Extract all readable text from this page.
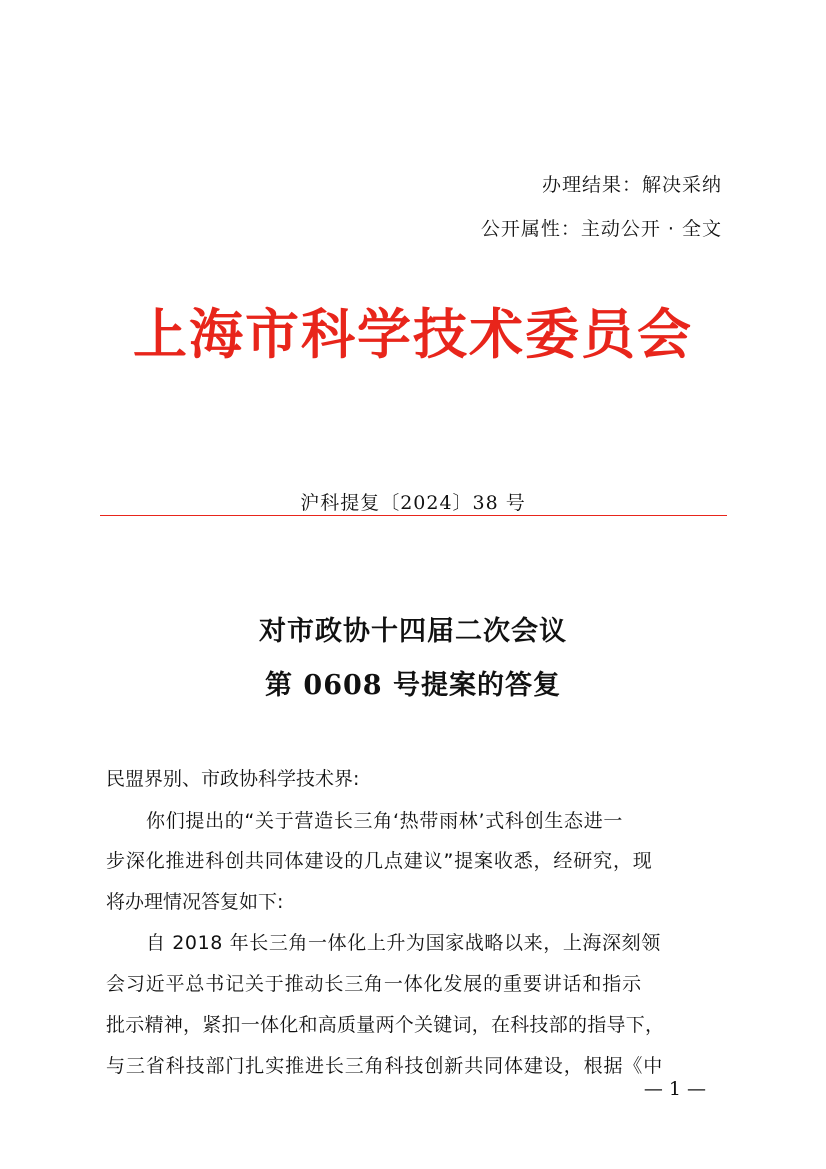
办理结果：解决采纳

公开属性：主动公开 · 全文

上海市科学技术委员会

沪科提复〔2024〕38 号

对市政协十四届二次会议
第 0608 号提案的答复

民盟界别、市政协科学技术界:

你们提出的“关于营造长三角‘热带雨林’式科创生态进一

步深化推进科创共同体建设的几点建议”提案收悉，经研究，现

将办理情况答复如下:

自 2018 年长三角一体化上升为国家战略以来，上海深刻领

会习近平总书记关于推动长三角一体化发展的重要讲话和指示

批示精神，紧扣一体化和高质量两个关键词，在科技部的指导下，

与三省科技部门扎实推进长三角科技创新共同体建设，根据《中

— 1 —
